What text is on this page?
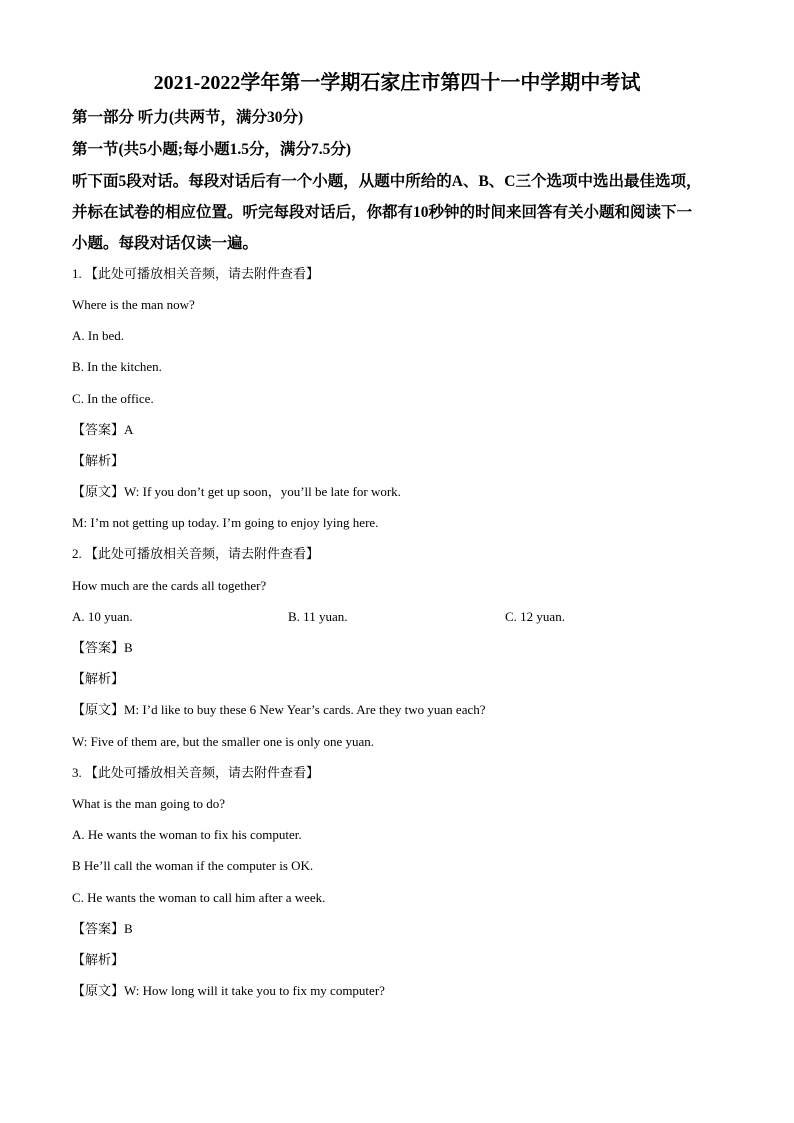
2021-2022学年第一学期石家庄市第四十一中学期中考试
第一部分 听力(共两节，满分30分)
第一节(共5小题;每小题1.5分，满分7.5分)
听下面5段对话。每段对话后有一个小题，从题中所给的A、B、C三个选项中选出最佳选项，
并标在试卷的相应位置。听完每段对话后，你都有10秒钟的时间来回答有关小题和阅读下一
小题。每段对话仅读一遍。
1. 【此处可播放相关音频，请去附件查看】
Where is the man now?
A. In bed.
B. In the kitchen.
C. In the office.
【答案】A
【解析】
【原文】W: If you don’t get up soon，you’ll be late for work.
M: I’m not getting up today. I’m going to enjoy lying here.
2. 【此处可播放相关音频，请去附件查看】
How much are the cards all together?
A. 10 yuan.	B. 11 yuan.	C. 12 yuan.
【答案】B
【解析】
【原文】M: I’d like to buy these 6 New Year’s cards. Are they two yuan each?
W: Five of them are, but the smaller one is only one yuan.
3. 【此处可播放相关音频，请去附件查看】
What is the man going to do?
A. He wants the woman to fix his computer.
B He’ll call the woman if the computer is OK.
C. He wants the woman to call him after a week.
【答案】B
【解析】
【原文】W: How long will it take you to fix my computer?
